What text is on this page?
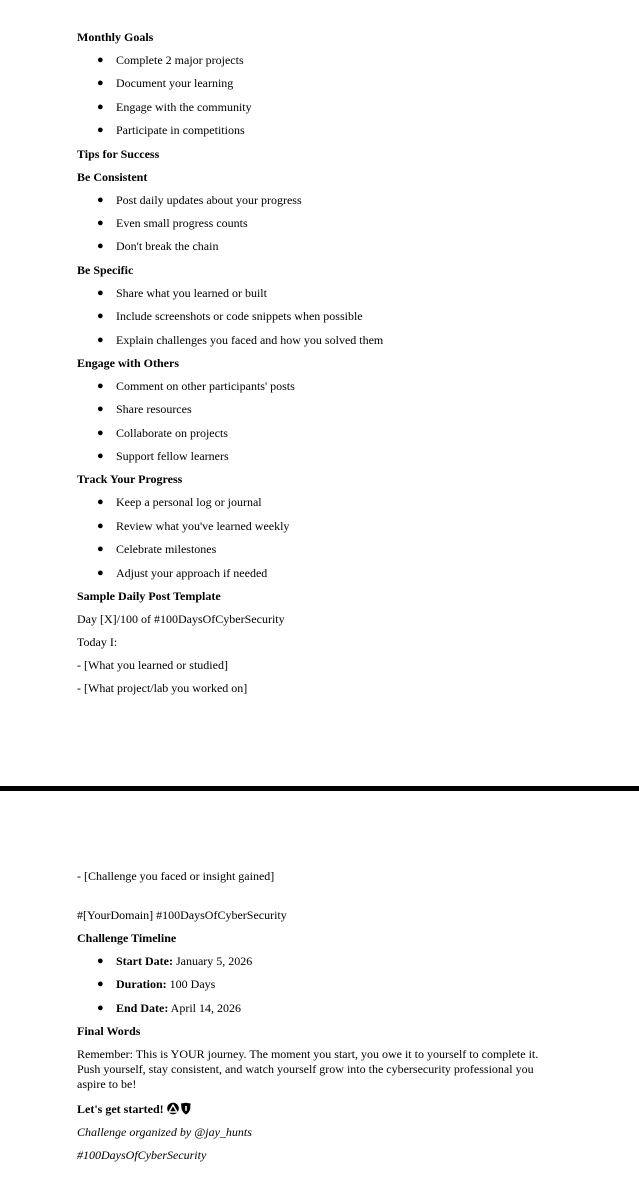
Monthly Goals
● Complete 2 major projects
● Document your learning
● Engage with the community
● Participate in competitions
Tips for Success
Be Consistent
● Post daily updates about your progress
● Even small progress counts
● Don't break the chain
Be Specific
● Share what you learned or built
● Include screenshots or code snippets when possible
● Explain challenges you faced and how you solved them
Engage with Others
● Comment on other participants' posts
● Share resources
● Collaborate on projects
● Support fellow learners
Track Your Progress
● Keep a personal log or journal
● Review what you've learned weekly
● Celebrate milestones
● Adjust your approach if needed
Sample Daily Post Template
Day [X]/100 of #100DaysOfCyberSecurity
Today I:
- [What you learned or studied]
- [What project/lab you worked on]
- [Challenge you faced or insight gained]
#[YourDomain] #100DaysOfCyberSecurity
Challenge Timeline
● Start Date: January 5, 2026
● Duration: 100 Days
● End Date: April 14, 2026
Final Words
Remember: This is YOUR journey. The moment you start, you owe it to yourself to complete it. Push yourself, stay consistent, and watch yourself grow into the cybersecurity professional you aspire to be!
Let's get started!
Challenge organized by @jay_hunts
#100DaysOfCyberSecurity
